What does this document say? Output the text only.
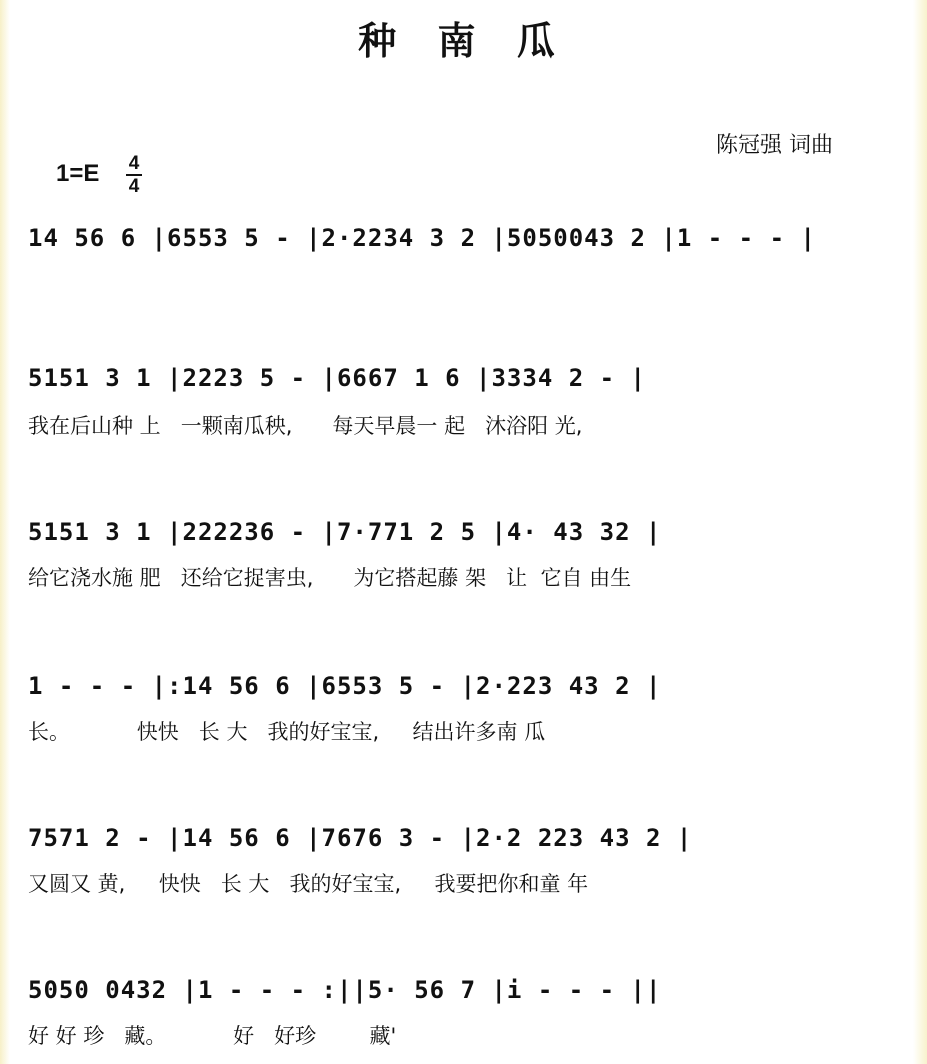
种 南 瓜
陈冠强 词曲
1=E 4
4
14 56 6 |6553 5 - |2·2234 3 2 |5050043 2 |1 - - - |
5151 3 1 |2223 5 - |6667 1 6 |3334 2 - |
我在后山种 上   一颗南瓜秧,      每天早晨一 起   沐浴阳 光,
5151 3 1 |222236 - |7·771 2 5 |4· 43 32 |
给它浇水施 肥   还给它捉害虫,      为它搭起藤 架   让  它自 由生
1 - - - |:14 56 6 |6553 5 - |2·223 43 2 |
长。          快快   长 大   我的好宝宝,     结出许多南 瓜
7571 2 - |14 56 6 |7676 3 - |2·2 223 43 2 |
又圆又 黄,     快快   长 大   我的好宝宝,     我要把你和童 年
5050 0432 |1 - - - :||5· 56 7 |i - - - ||
好 好 珍   藏。          好   好珍        藏'
